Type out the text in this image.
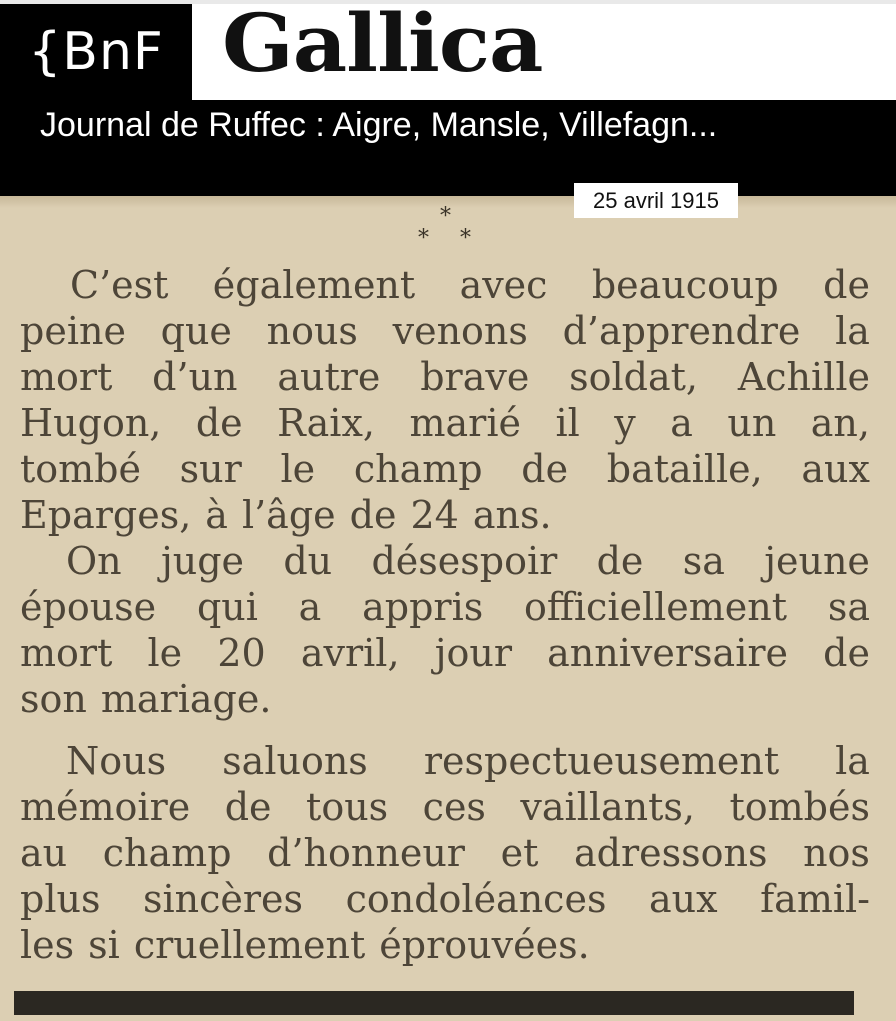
{BnF Gallica
Journal de Ruffec : Aigre, Mansle, Villefagn...
25 avril 1915
*
* *
C’est également avec beaucoup de
peine que nous venons d’apprendre la
mort d’un autre brave soldat, Achille
Hugon, de Raix, marié il y a un an,
tombé sur le champ de bataille, aux
Eparges, à l’âge de 24 ans.
On juge du désespoir de sa jeune
épouse qui a appris officiellement sa
mort le 20 avril, jour anniversaire de
son mariage.
Nous saluons respectueusement la
mémoire de tous ces vaillants, tombés
au champ d’honneur et adressons nos
plus sincères condoléances aux famil-
les si cruellement éprouvées.
